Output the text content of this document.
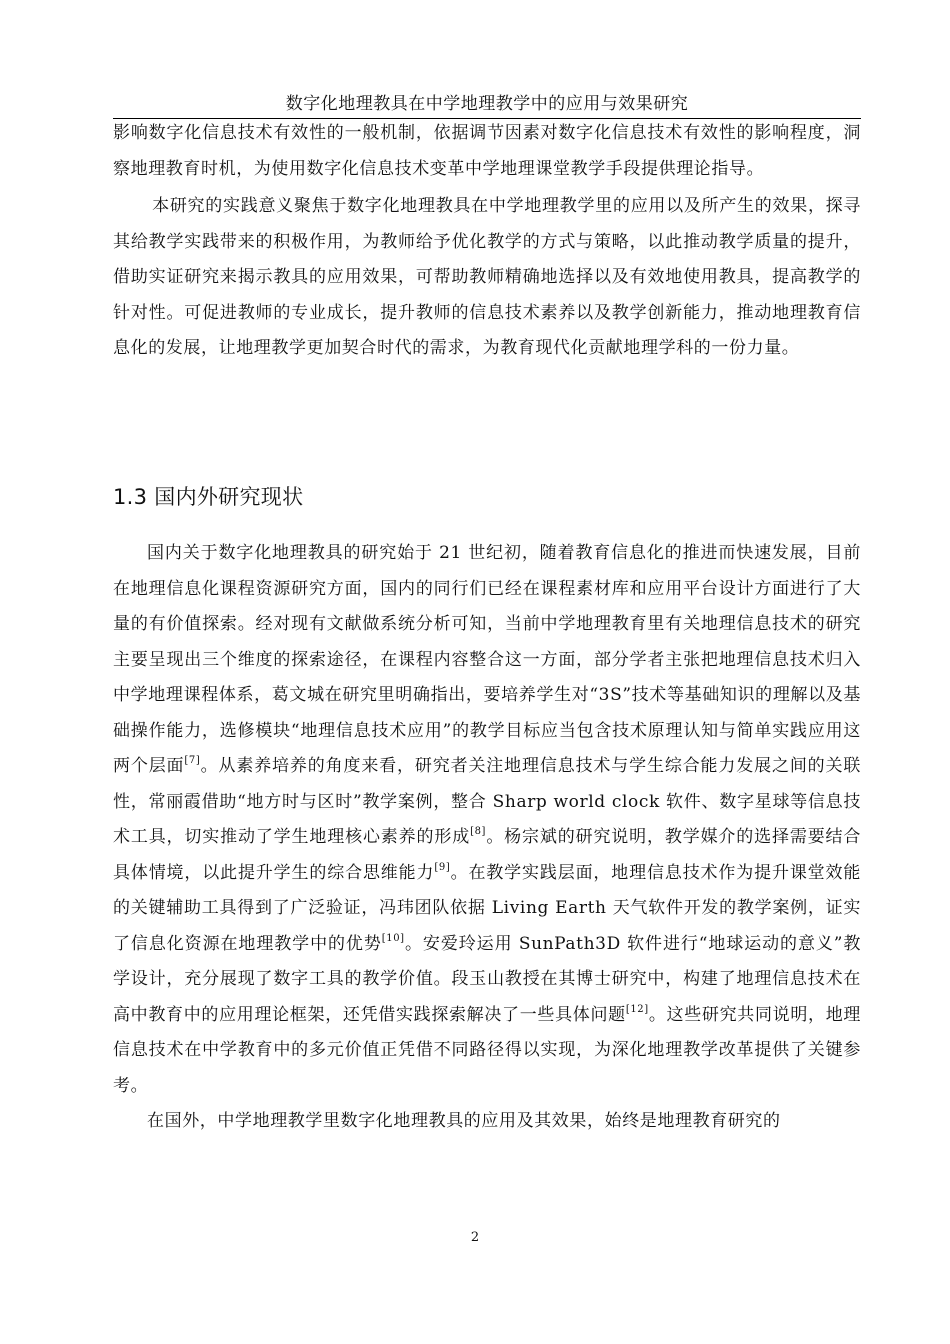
数字化地理教具在中学地理教学中的应用与效果研究

影响数字化信息技术有效性的一般机制，依据调节因素对数字化信息技术有效性的影响程度，洞察地理教育时机，为使用数字化信息技术变革中学地理课堂教学手段提供理论指导。

本研究的实践意义聚焦于数字化地理教具在中学地理教学里的应用以及所产生的效果，探寻其给教学实践带来的积极作用，为教师给予优化教学的方式与策略，以此推动教学质量的提升，借助实证研究来揭示教具的应用效果，可帮助教师精确地选择以及有效地使用教具，提高教学的针对性。可促进教师的专业成长，提升教师的信息技术素养以及教学创新能力，推动地理教育信息化的发展，让地理教学更加契合时代的需求，为教育现代化贡献地理学科的一份力量。

1.3 国内外研究现状

国内关于数字化地理教具的研究始于 21 世纪初，随着教育信息化的推进而快速发展，目前在地理信息化课程资源研究方面，国内的同行们已经在课程素材库和应用平台设计方面进行了大量的有价值探索。经对现有文献做系统分析可知，当前中学地理教育里有关地理信息技术的研究主要呈现出三个维度的探索途径，在课程内容整合这一方面，部分学者主张把地理信息技术归入中学地理课程体系，葛文城在研究里明确指出，要培养学生对“3S”技术等基础知识的理解以及基础操作能力，选修模块“地理信息技术应用”的教学目标应当包含技术原理认知与简单实践应用这两个层面[7]。从素养培养的角度来看，研究者关注地理信息技术与学生综合能力发展之间的关联性，常丽霞借助“地方时与区时”教学案例，整合 Sharp world clock 软件、数字星球等信息技术工具，切实推动了学生地理核心素养的形成[8]。杨宗斌的研究说明，教学媒介的选择需要结合具体情境，以此提升学生的综合思维能力[9]。在教学实践层面，地理信息技术作为提升课堂效能的关键辅助工具得到了广泛验证，冯玮团队依据 Living Earth 天气软件开发的教学案例，证实了信息化资源在地理教学中的优势[10]。安爱玲运用 SunPath3D 软件进行“地球运动的意义”教学设计，充分展现了数字工具的教学价值。段玉山教授在其博士研究中，构建了地理信息技术在高中教育中的应用理论框架，还凭借实践探索解决了一些具体问题[12]。这些研究共同说明，地理信息技术在中学教育中的多元价值正凭借不同路径得以实现，为深化地理教学改革提供了关键参考。

在国外，中学地理教学里数字化地理教具的应用及其效果，始终是地理教育研究的

2
